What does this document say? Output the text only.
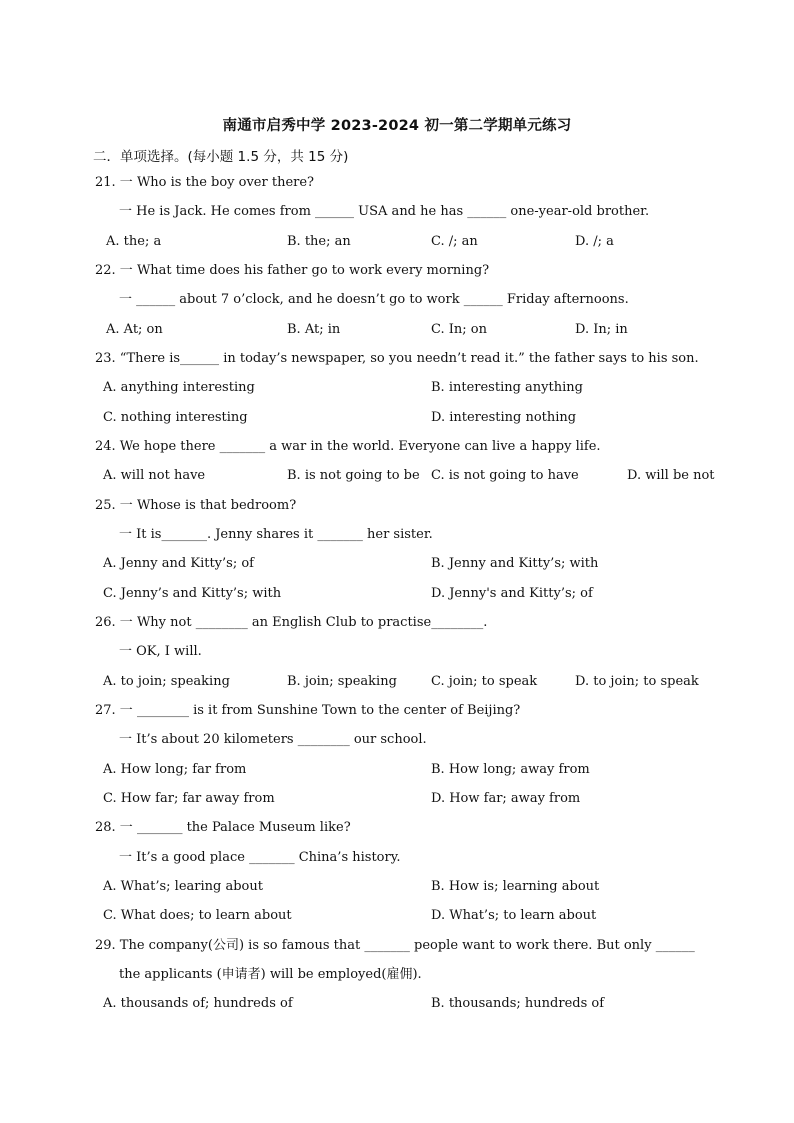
南通市启秀中学 2023-2024 初一第二学期单元练习
二．单项选择。(每小题 1.5 分，共 15 分)
21. 一 Who is the boy over there?
一 He is Jack. He comes from ______ USA and he has ______ one-year-old brother.
A. the; a	B. the; an	C. /; an	D. /; a
22. 一 What time does his father go to work every morning?
一 ______ about 7 o’clock, and he doesn’t go to work ______ Friday afternoons.
A. At; on	B. At; in	C. In; on	D. In; in
23. “There is______ in today’s newspaper, so you needn’t read it.” the father says to his son.
A. anything interesting	B. interesting anything
C. nothing interesting	D. interesting nothing
24. We hope there _______ a war in the world. Everyone can live a happy life.
A. will not have	B. is not going to be C. is not going to have	D. will be not
25. 一 Whose is that bedroom?
一 It is_______. Jenny shares it _______ her sister.
A. Jenny and Kitty’s; of	B. Jenny and Kitty’s; with
C. Jenny’s and Kitty’s; with	D. Jenny's and Kitty’s; of
26. 一 Why not ________ an English Club to practise________.
一 OK, I will.
A. to join; speaking	B. join; speaking	C. join; to speak	D. to join; to speak
27. 一 ________ is it from Sunshine Town to the center of Beijing?
一 It’s about 20 kilometers ________ our school.
A. How long; far from	B. How long; away from
C. How far; far away from	D. How far; away from
28. 一 _______ the Palace Museum like?
一 It’s a good place _______ China’s history.
A. What’s; learing about	B. How is; learning about
C. What does; to learn about	D. What’s; to learn about
29. The company(公司) is so famous that _______ people want to work there. But only ______
the applicants (申请者) will be employed(雇佣).
A. thousands of; hundreds of	B. thousands; hundreds of
